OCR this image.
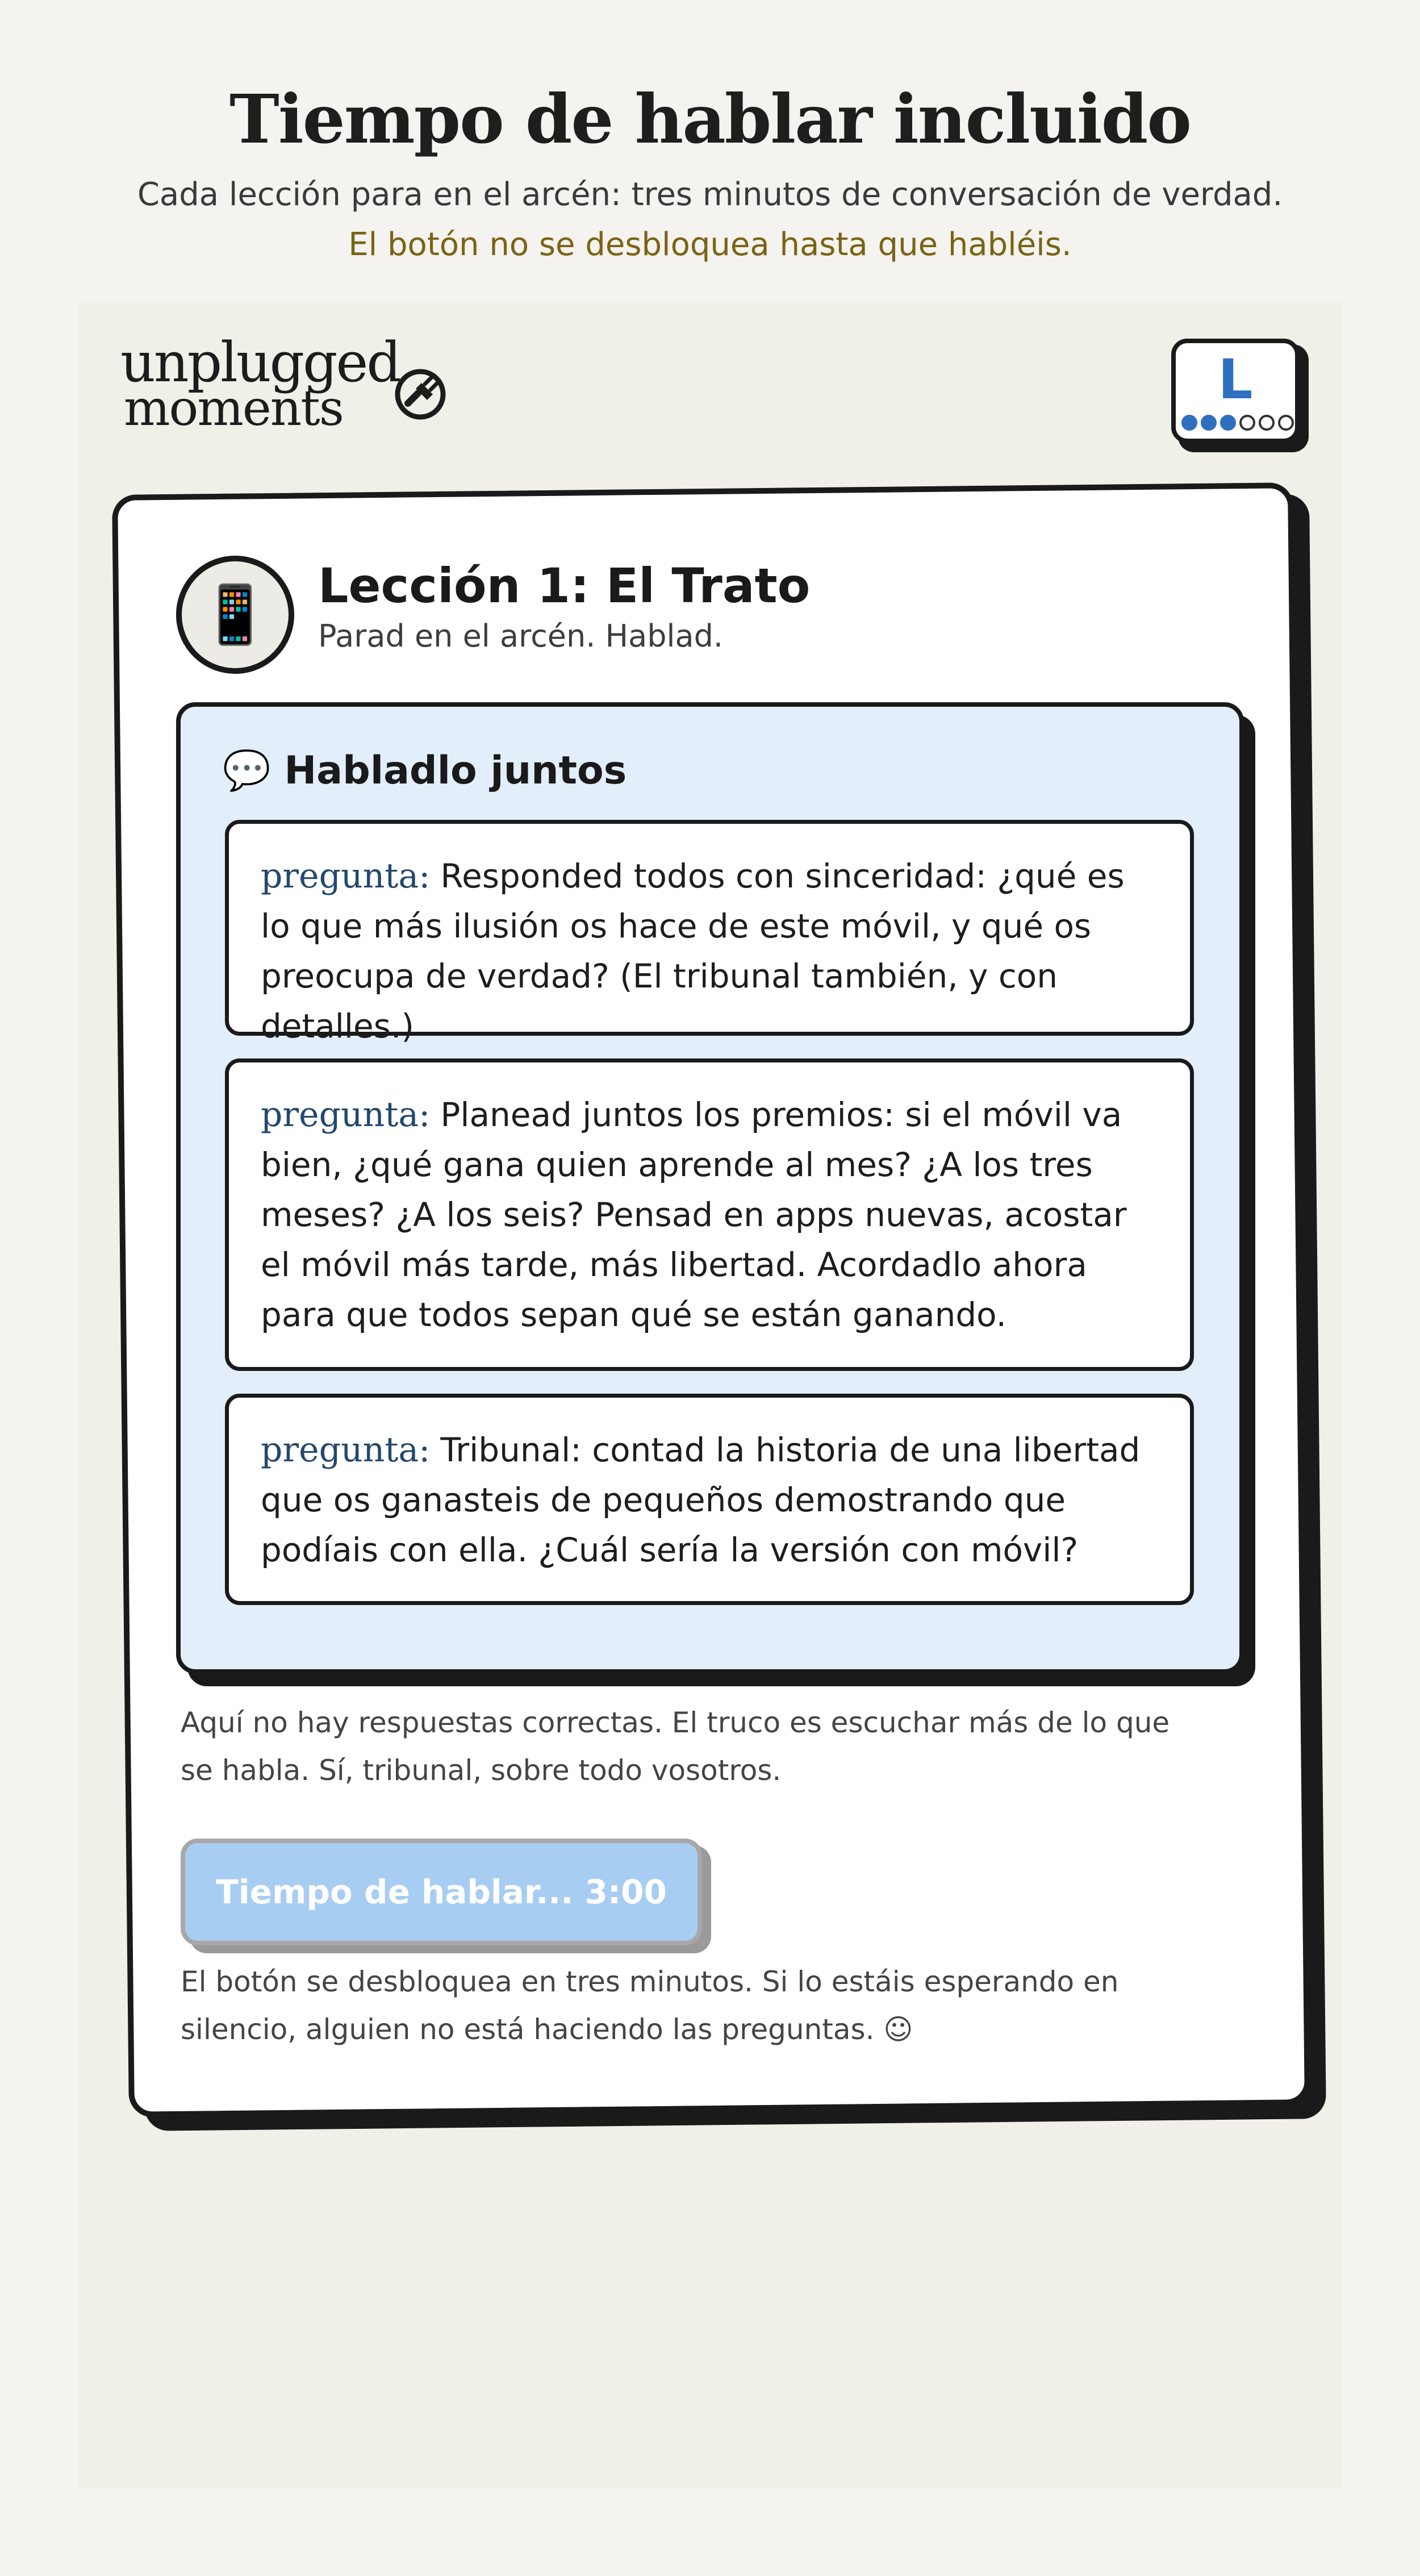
Tiempo de hablar incluido
Cada lección para en el arcén: tres minutos de conversación de verdad.
El botón no se desbloquea hasta que habléis.
unplugged
moments	L
📱 Lección 1: El Trato
Parad en el arcén. Hablad.
💬 Habladlo juntos
pregunta: Responded todos con sinceridad: ¿qué es lo que más ilusión os hace de este móvil, y qué os preocupa de verdad? (El tribunal también, y con detalles.)
pregunta: Planead juntos los premios: si el móvil va bien, ¿qué gana quien aprende al mes? ¿A los tres meses? ¿A los seis? Pensad en apps nuevas, acostar el móvil más tarde, más libertad. Acordadlo ahora para que todos sepan qué se están ganando.
pregunta: Tribunal: contad la historia de una libertad que os ganasteis de pequeños demostrando que podíais con ella. ¿Cuál sería la versión con móvil?
Aquí no hay respuestas correctas. El truco es escuchar más de lo que se habla. Sí, tribunal, sobre todo vosotros.
Tiempo de hablar... 3:00
El botón se desbloquea en tres minutos. Si lo estáis esperando en silencio, alguien no está haciendo las preguntas. ☺
